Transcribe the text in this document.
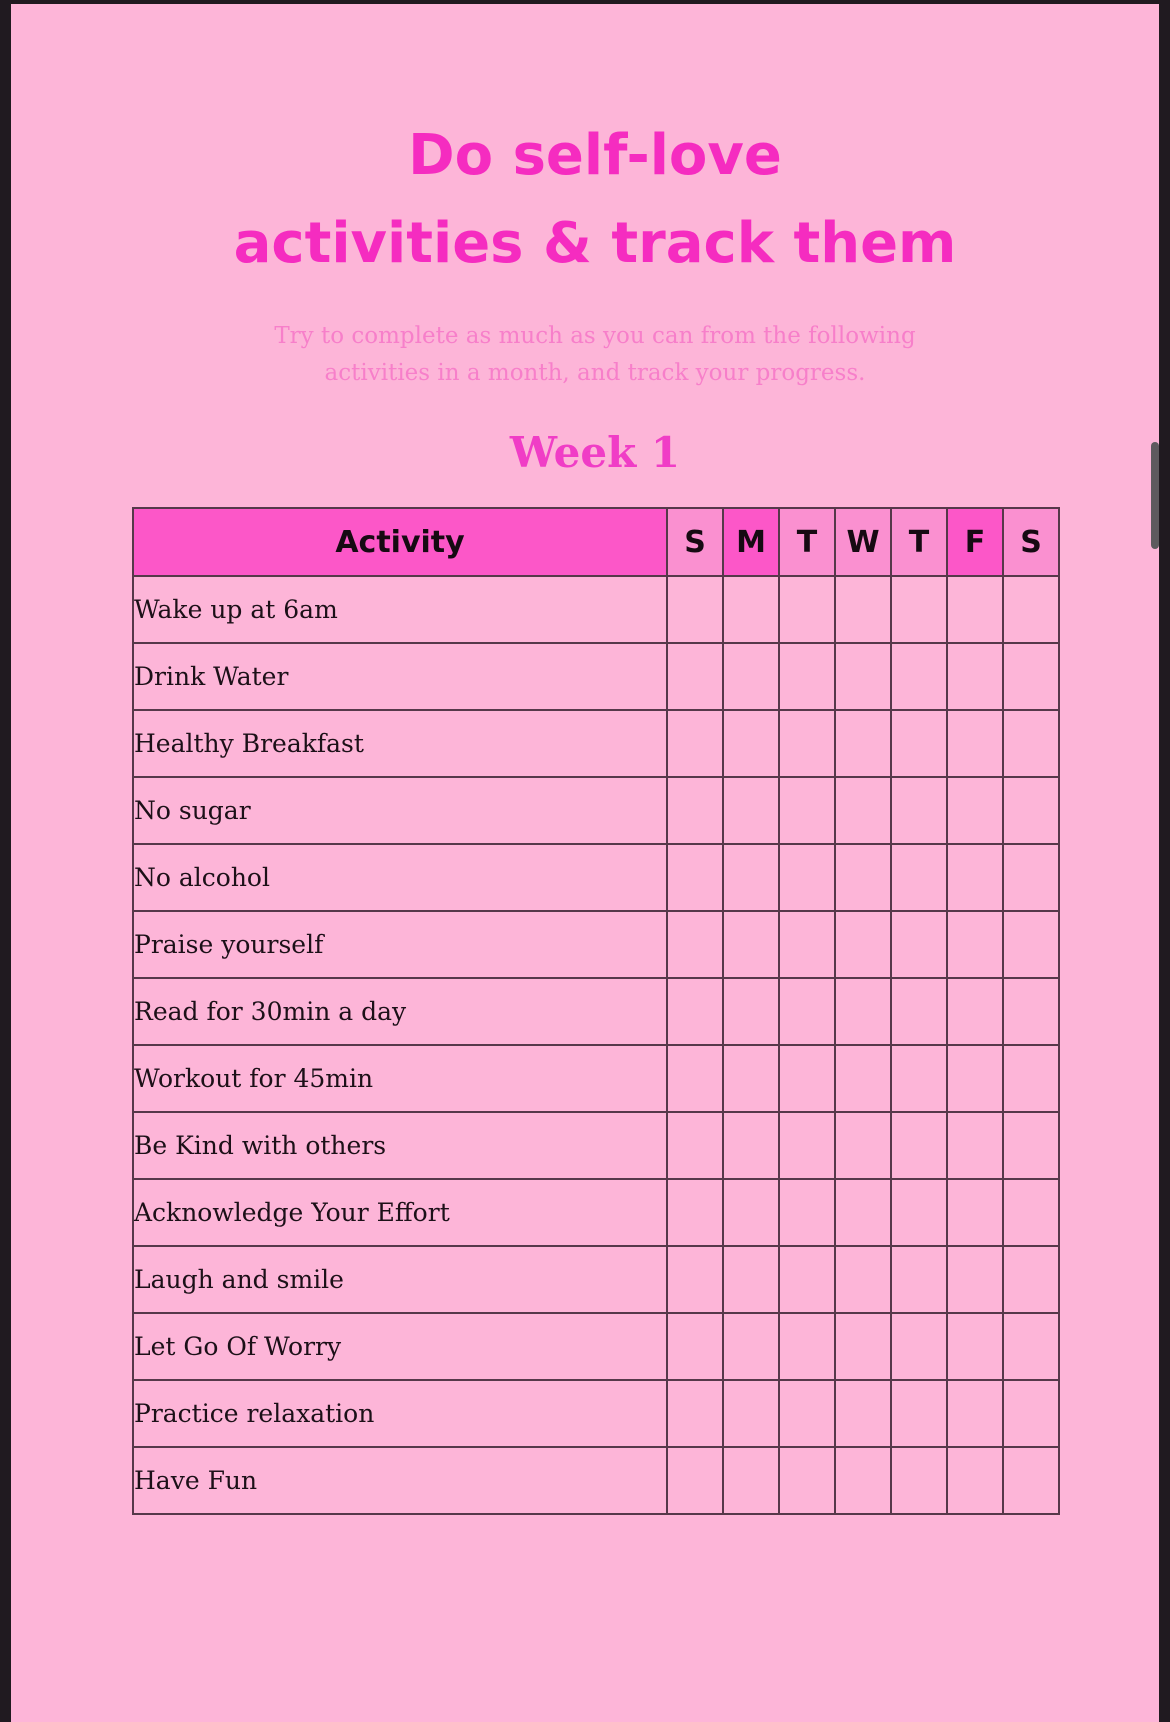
Do self-love
activities & track them

Try to complete as much as you can from the following
activities in a month, and track your progress.

Week 1
Activity	S	M	T	W	T	F	S
Wake up at 6am							
Drink Water							
Healthy Breakfast							
No sugar							
No alcohol							
Praise yourself							
Read for 30min a day							
Workout for 45min							
Be Kind with others							
Acknowledge Your Effort							
Laugh and smile							
Let Go Of Worry							
Practice relaxation							
Have Fun							
